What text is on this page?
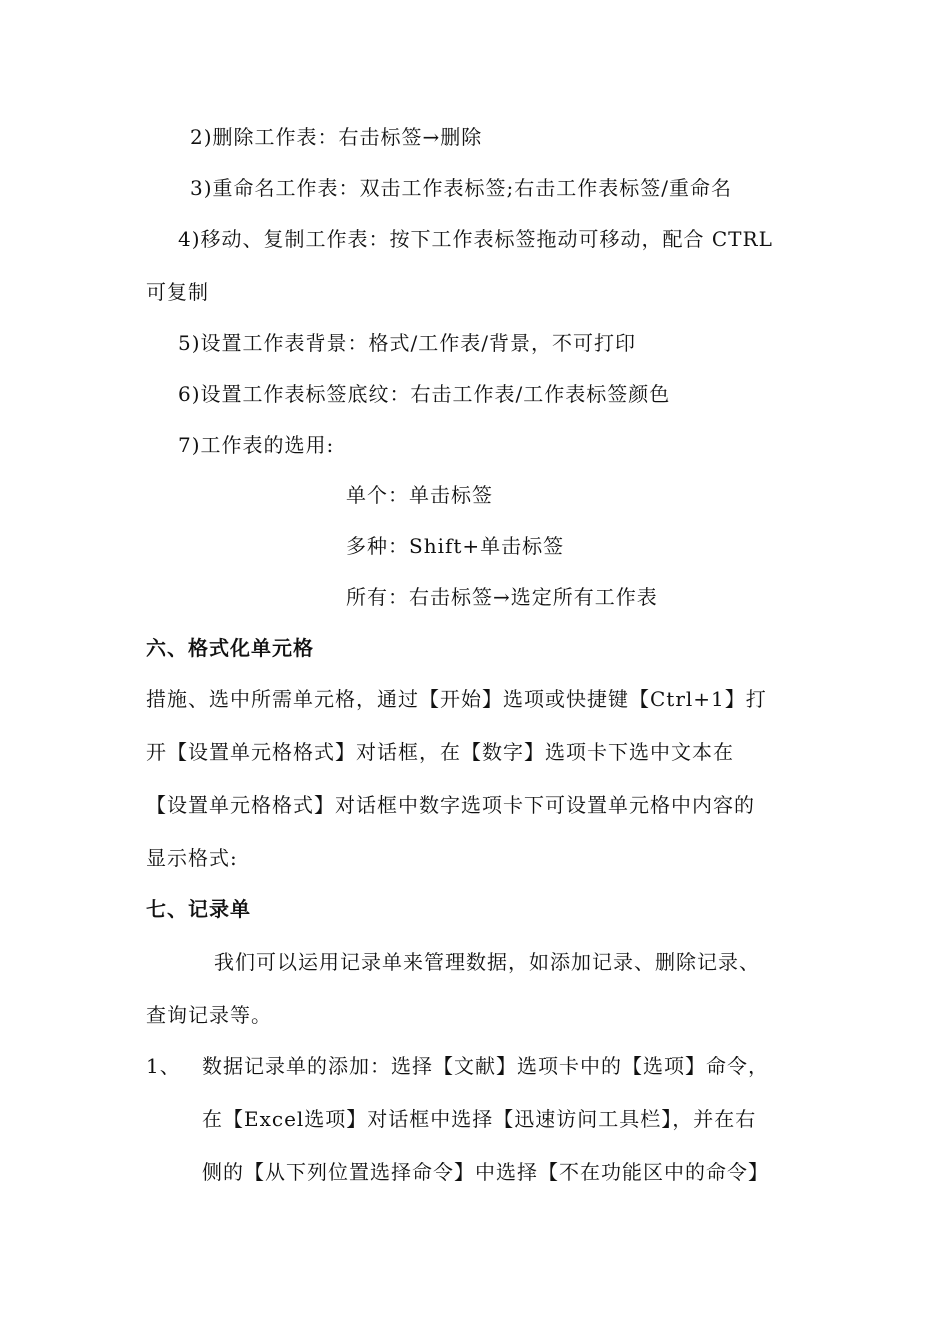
2)删除工作表：右击标签→删除
3)重命名工作表：双击工作表标签;右击工作表标签/重命名
4)移动、复制工作表：按下工作表标签拖动可移动，配合 CTRL
可复制
5)设置工作表背景：格式/工作表/背景，不可打印
6)设置工作表标签底纹：右击工作表/工作表标签颜色
7)工作表的选用:
单个：单击标签
多种：Shift+单击标签
所有：右击标签→选定所有工作表
六、格式化单元格
措施、选中所需单元格，通过【开始】选项或快捷键【Ctrl+1】打
开【设置单元格格式】对话框，在【数字】选项卡下选中文本在
【设置单元格格式】对话框中数字选项卡下可设置单元格中内容的
显示格式:
七、记录单
我们可以运用记录单来管理数据，如添加记录、删除记录、
查询记录等。
1、 数据记录单的添加：选择【文献】选项卡中的【选项】命令，
在【Excel选项】对话框中选择【迅速访问工具栏】，并在右
侧的【从下列位置选择命令】中选择【不在功能区中的命令】
